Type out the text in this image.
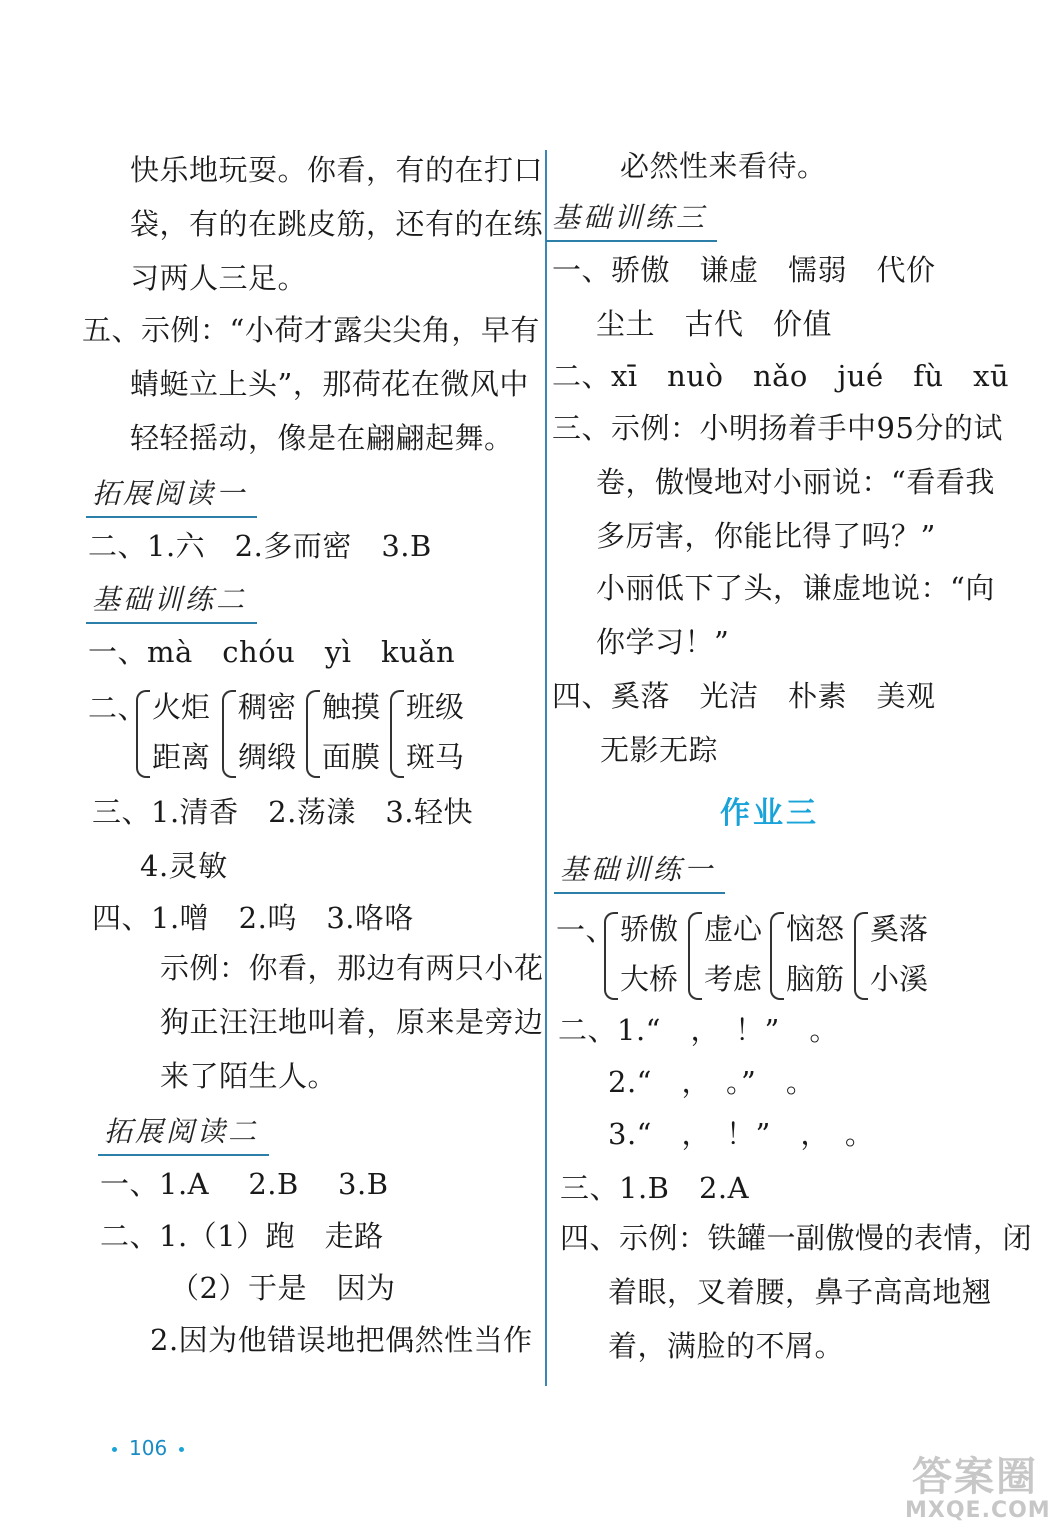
快乐地玩耍。你看，有的在打口
袋，有的在跳皮筋，还有的在练
习两人三足。
五、示例：“小荷才露尖尖角，早有
蜻蜓立上头”，那荷花在微风中
轻轻摇动，像是在翩翩起舞。
拓展阅读一
二、1.六　2.多而密　3.B
基础训练二
一、mà　chóu　yì　kuǎn
二、 火炬
距离
稠密
绸缎
触摸
面膜
班级
斑马
三、1.清香　2.荡漾　3.轻快
4.灵敏
四、1.噌　2.呜　3.咯咯
示例：你看，那边有两只小花
狗正汪汪地叫着，原来是旁边
来了陌生人。
拓展阅读二
一、1.A　 2.B　 3.B
二、1.（1）跑　走路
（2）于是　因为
2.因为他错误地把偶然性当作
必然性来看待。
基础训练三
一、骄傲　谦虚　懦弱　代价
尘土　古代　价值
二、xī　nuò　nǎo　jué　fù　xū
三、示例：小明扬着手中95分的试
卷，傲慢地对小丽说：“看看我
多厉害，你能比得了吗？”
小丽低下了头，谦虚地说：“向
你学习！”
四、奚落　光洁　朴素　美观
无影无踪
作业三
基础训练一
一、 骄傲
大桥
虚心
考虑
恼怒
脑筋
奚落
小溪
二、1.“　，　！”　。
2.“　，　。”　。
3.“　，　！”　，　。
三、1.B　2.A
四、示例：铁罐一副傲慢的表情，闭
着眼，叉着腰，鼻子高高地翘
着，满脸的不屑。
106
答案圈
MXQE.COM
